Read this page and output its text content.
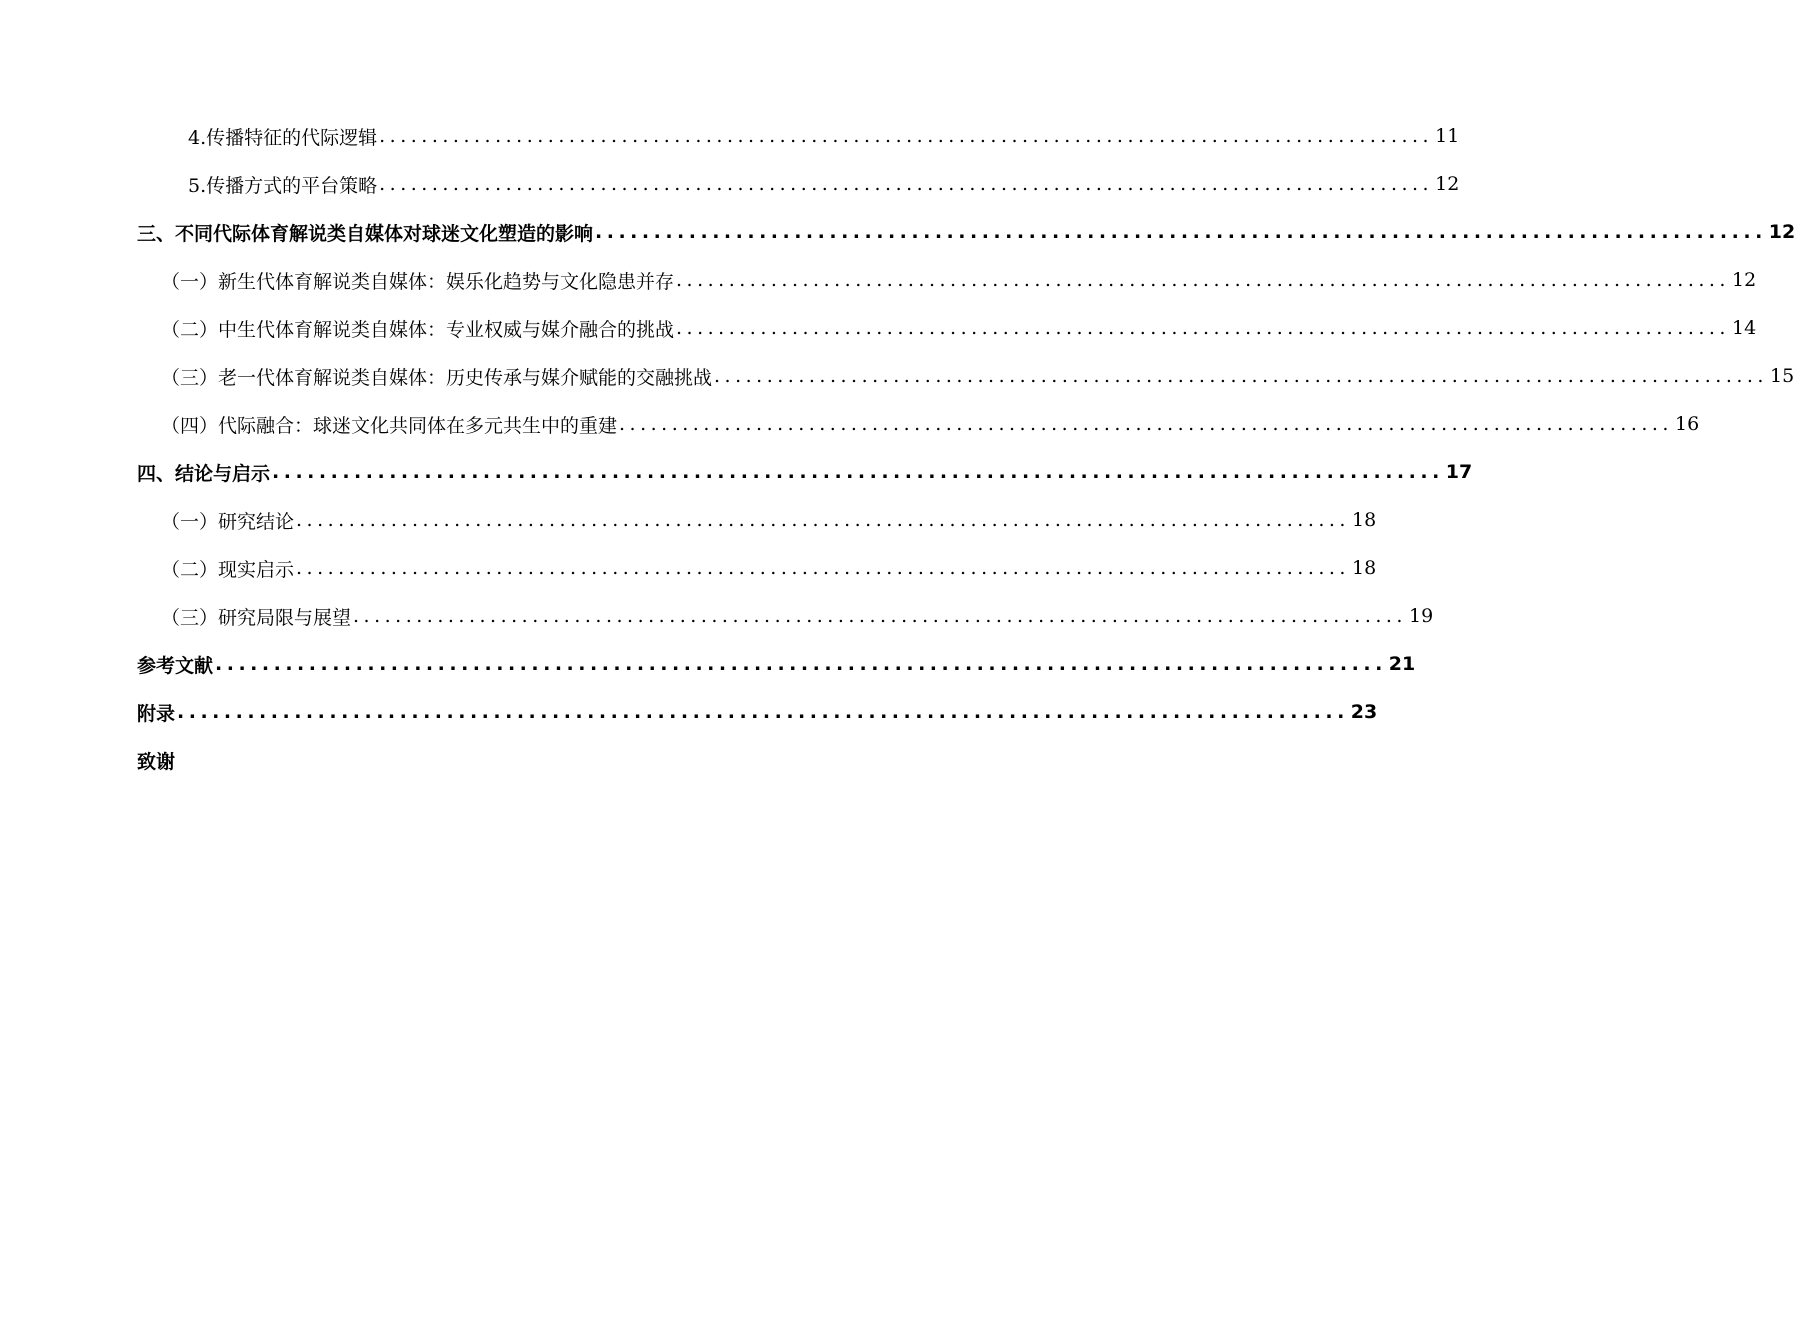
4.传播特征的代际逻辑 .................................................................................................... 11
5.传播方式的平台策略 .................................................................................................... 12
三、不同代际体育解说类自媒体对球迷文化塑造的影响 .................................................................................................... 12
（一）新生代体育解说类自媒体：娱乐化趋势与文化隐患并存 .................................................................................................... 12
（二）中生代体育解说类自媒体：专业权威与媒介融合的挑战 .................................................................................................... 14
（三）老一代体育解说类自媒体：历史传承与媒介赋能的交融挑战 .................................................................................................... 15
（四）代际融合：球迷文化共同体在多元共生中的重建 .................................................................................................... 16
四、结论与启示 .................................................................................................... 17
（一）研究结论 .................................................................................................... 18
（二）现实启示 .................................................................................................... 18
（三）研究局限与展望 .................................................................................................... 19
参考文献 .................................................................................................... 21
附录 .................................................................................................... 23
致谢
